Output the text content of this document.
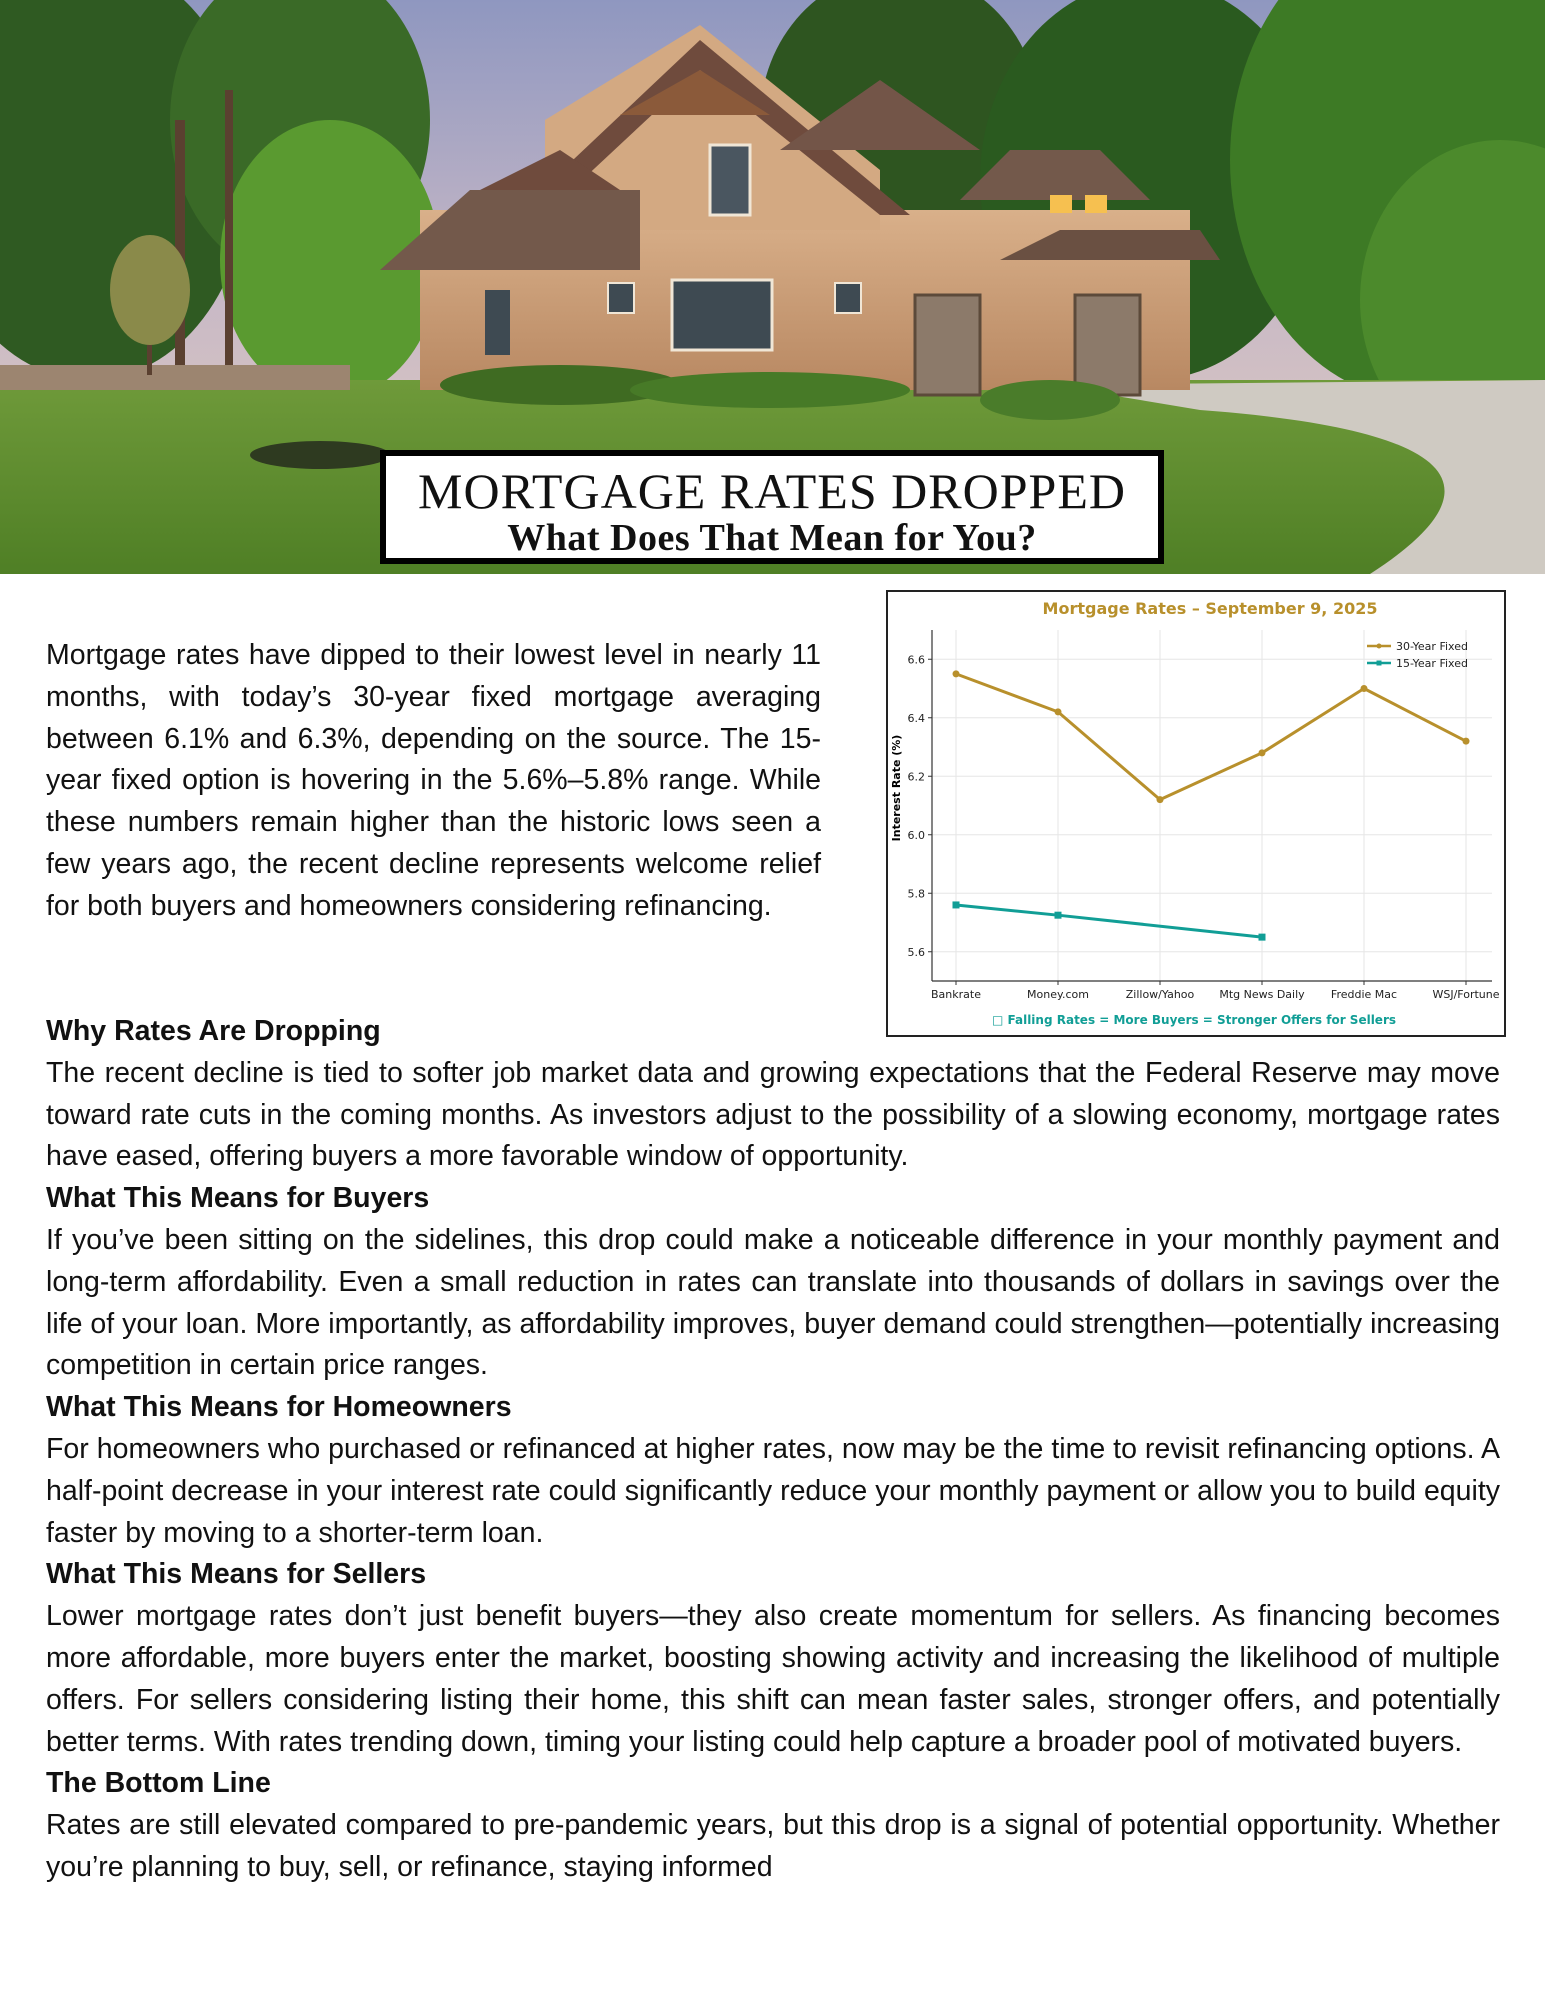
MORTGAGE RATES DROPPED
What Does That Mean for You?

Mortgage rates have dipped to their lowest level in nearly 11 months, with today’s 30-year fixed mortgage averaging between 6.1% and 6.3%, depending on the source. The 15-year fixed option is hovering in the 5.6%–5.8% range. While these numbers remain higher than the historic lows seen a few years ago, the recent decline represents welcome relief for both buyers and homeowners considering refinancing.

Mortgage Rates – September 9, 2025
5.6
5.8
6.0
6.2
6.4
6.6
Bankrate	Money.com	Zillow/Yahoo Mtg News Daily Freddie Mac	WSJ/Fortune
Interest Rate (%)
30-Year Fixed
15-Year Fixed
□ Falling Rates = More Buyers = Stronger Offers for Sellers
Why Rates Are Dropping

The recent decline is tied to softer job market data and growing expectations that the Federal Reserve may move toward rate cuts in the coming months. As investors adjust to the possibility of a slowing economy, mortgage rates have eased, offering buyers a more favorable window of opportunity.

What This Means for Buyers

If you’ve been sitting on the sidelines, this drop could make a noticeable difference in your monthly payment and long-term affordability. Even a small reduction in rates can translate into thousands of dollars in savings over the life of your loan. More importantly, as affordability improves, buyer demand could strengthen—potentially increasing competition in certain price ranges.

What This Means for Homeowners

For homeowners who purchased or refinanced at higher rates, now may be the time to revisit refinancing options. A half-point decrease in your interest rate could significantly reduce your monthly payment or allow you to build equity faster by moving to a shorter-term loan.

What This Means for Sellers

Lower mortgage rates don’t just benefit buyers—they also create momentum for sellers. As financing becomes more affordable, more buyers enter the market, boosting showing activity and increasing the likelihood of multiple offers. For sellers considering listing their home, this shift can mean faster sales, stronger offers, and potentially better terms. With rates trending down, timing your listing could help capture a broader pool of motivated buyers.

The Bottom Line

Rates are still elevated compared to pre-pandemic years, but this drop is a signal of potential opportunity. Whether you’re planning to buy, sell, or refinance, staying informed
